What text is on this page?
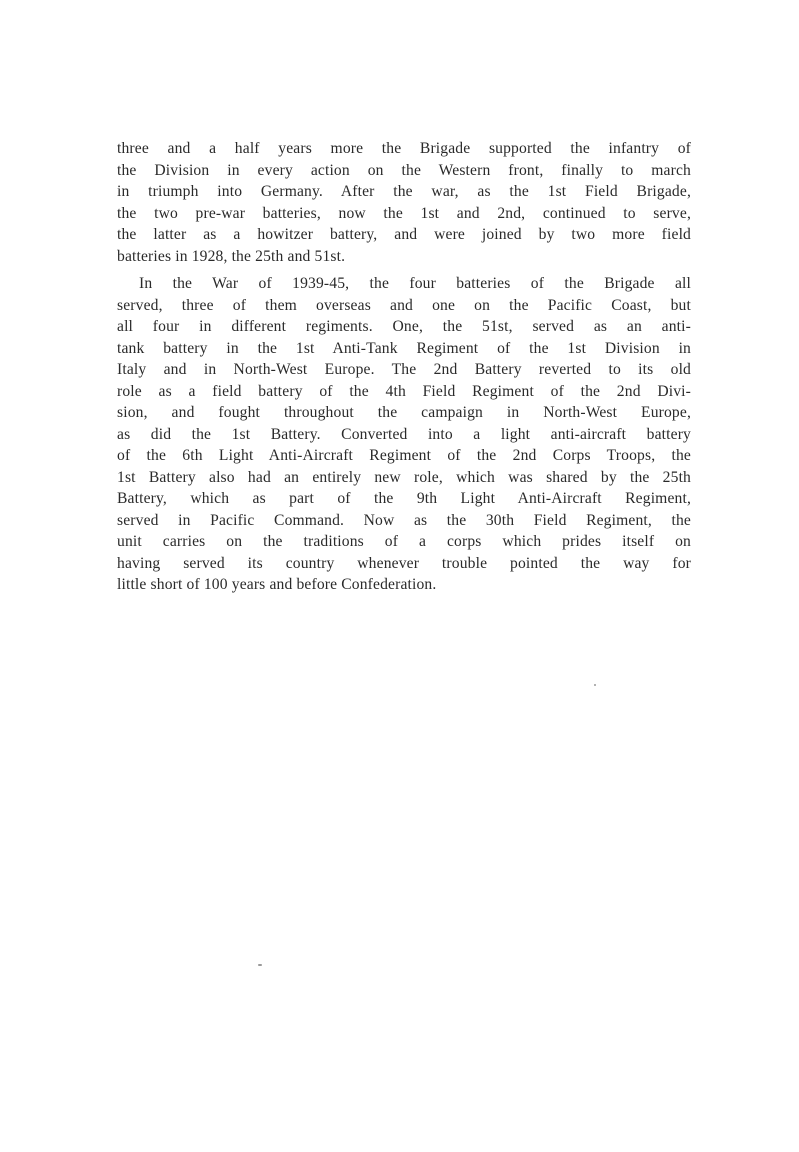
three and a half years more the Brigade supported the infantry of
the Division in every action on the Western front, finally to march
in triumph into Germany. After the war, as the 1st Field Brigade,
the two pre-war batteries, now the 1st and 2nd, continued to serve,
the latter as a howitzer battery, and were joined by two more field
batteries in 1928, the 25th and 51st.
In the War of 1939-45, the four batteries of the Brigade all
served, three of them overseas and one on the Pacific Coast, but
all four in different regiments. One, the 51st, served as an anti-
tank battery in the 1st Anti-Tank Regiment of the 1st Division in
Italy and in North-West Europe. The 2nd Battery reverted to its old
role as a field battery of the 4th Field Regiment of the 2nd Divi-
sion, and fought throughout the campaign in North-West Europe,
as did the 1st Battery. Converted into a light anti-aircraft battery
of the 6th Light Anti-Aircraft Regiment of the 2nd Corps Troops, the
1st Battery also had an entirely new role, which was shared by the 25th
Battery, which as part of the 9th Light Anti-Aircraft Regiment,
served in Pacific Command. Now as the 30th Field Regiment, the
unit carries on the traditions of a corps which prides itself on
having served its country whenever trouble pointed the way for
little short of 100 years and before Confederation.
